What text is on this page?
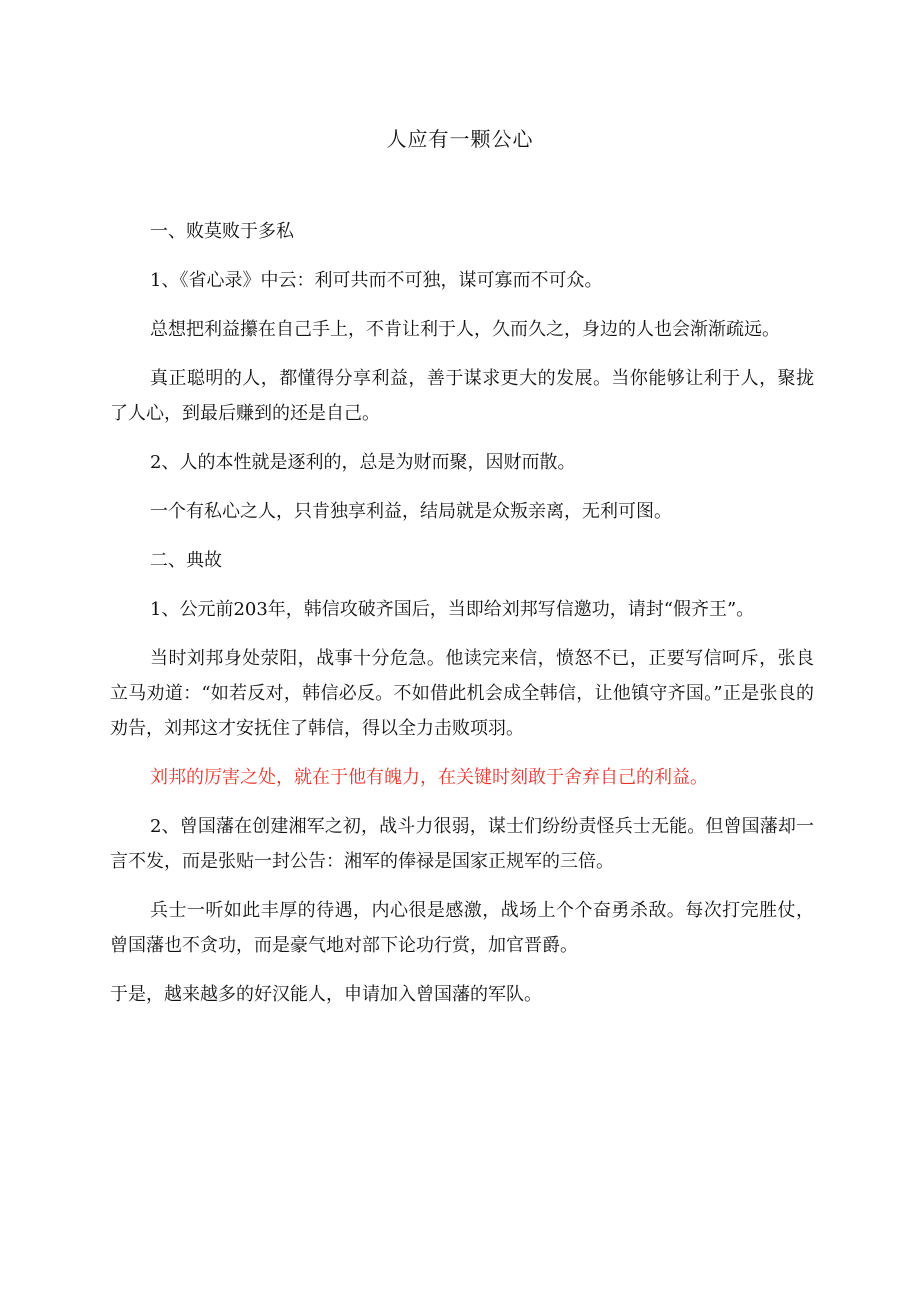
人应有一颗公心

一、败莫败于多私

1、《省心录》中云：利可共而不可独，谋可寡而不可众。

总想把利益攥在自己手上，不肯让利于人，久而久之，身边的人也会渐渐疏远。

真正聪明的人，都懂得分享利益，善于谋求更大的发展。当你能够让利于人，聚拢了人心，到最后赚到的还是自己。

2、人的本性就是逐利的，总是为财而聚，因财而散。

一个有私心之人，只肯独享利益，结局就是众叛亲离，无利可图。

二、典故

1、公元前203年，韩信攻破齐国后，当即给刘邦写信邀功，请封“假齐王”。

当时刘邦身处荥阳，战事十分危急。他读完来信，愤怒不已，正要写信呵斥，张良立马劝道：“如若反对，韩信必反。不如借此机会成全韩信，让他镇守齐国。”正是张良的劝告，刘邦这才安抚住了韩信，得以全力击败项羽。

刘邦的厉害之处，就在于他有魄力，在关键时刻敢于舍弃自己的利益。

2、曾国藩在创建湘军之初，战斗力很弱，谋士们纷纷责怪兵士无能。但曾国藩却一言不发，而是张贴一封公告：湘军的俸禄是国家正规军的三倍。

兵士一听如此丰厚的待遇，内心很是感激，战场上个个奋勇杀敌。每次打完胜仗，曾国藩也不贪功，而是豪气地对部下论功行赏，加官晋爵。

于是，越来越多的好汉能人，申请加入曾国藩的军队。
